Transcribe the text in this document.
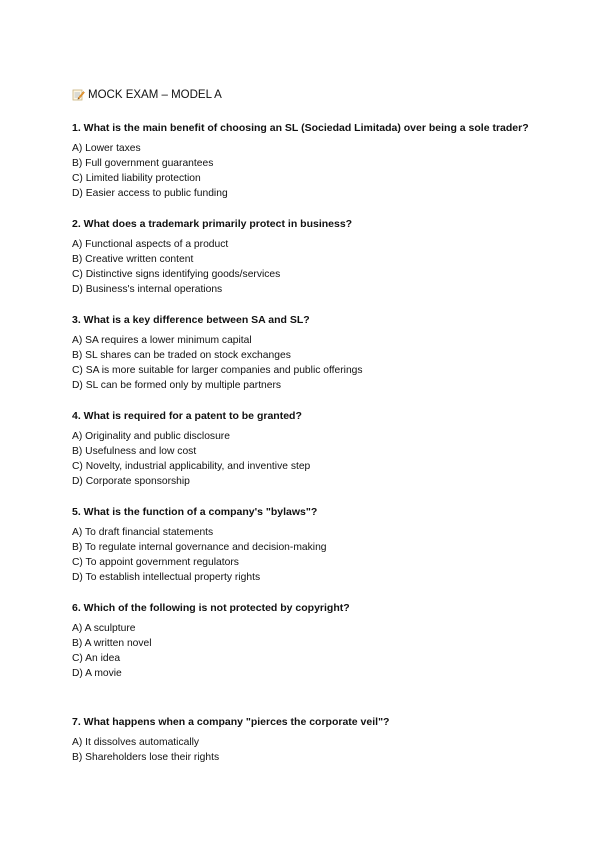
MOCK EXAM – MODEL A
1. What is the main benefit of choosing an SL (Sociedad Limitada) over being a sole trader?
A) Lower taxes
B) Full government guarantees
C) Limited liability protection
D) Easier access to public funding
2. What does a trademark primarily protect in business?
A) Functional aspects of a product
B) Creative written content
C) Distinctive signs identifying goods/services
D) Business's internal operations
3. What is a key difference between SA and SL?
A) SA requires a lower minimum capital
B) SL shares can be traded on stock exchanges
C) SA is more suitable for larger companies and public offerings
D) SL can be formed only by multiple partners
4. What is required for a patent to be granted?
A) Originality and public disclosure
B) Usefulness and low cost
C) Novelty, industrial applicability, and inventive step
D) Corporate sponsorship
5. What is the function of a company's "bylaws"?
A) To draft financial statements
B) To regulate internal governance and decision-making
C) To appoint government regulators
D) To establish intellectual property rights
6. Which of the following is not protected by copyright?
A) A sculpture
B) A written novel
C) An idea
D) A movie
7. What happens when a company "pierces the corporate veil"?
A) It dissolves automatically
B) Shareholders lose their rights
